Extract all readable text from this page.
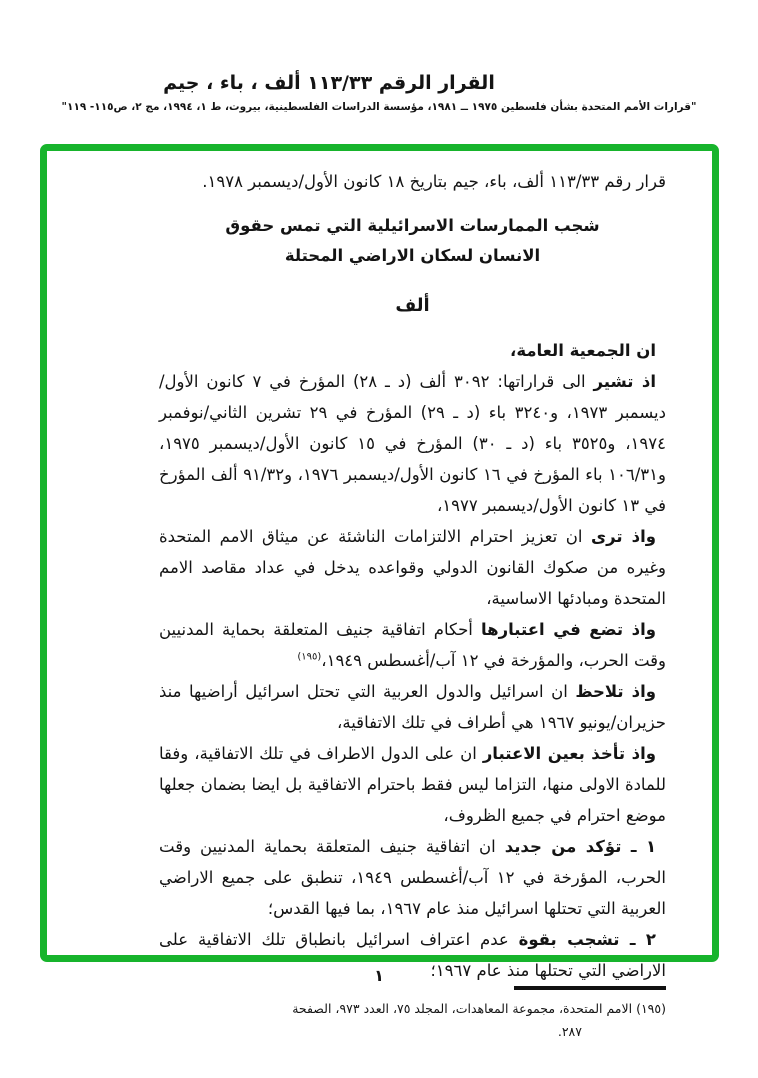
القرار الرقم ١١٣/٣٣ ألف ، باء ، جيم
"قرارات الأمم المتحدة بشأن فلسطين ١٩٧٥ ــ ١٩٨١، مؤسسة الدراسات الفلسطينية، بيروت، ط ١، ١٩٩٤، مج ٢، ص١١٥- ١١٩"

قرار رقم ١١٣/٣٣ ألف، باء، جيم بتاريخ ١٨ كانون الأول/ديسمبر ١٩٧٨.

شجب الممارسات الاسرائيلية التي تمس حقوق
الانسان لسكان الاراضي المحتلة
ألف

ان الجمعية العامة،

اذ تشير الى قراراتها: ٣٠٩٢ ألف (د ـ ٢٨) المؤرخ في ٧ كانون الأول/ديسمبر ١٩٧٣، و٣٢٤٠ باء (د ـ ٢٩) المؤرخ في ٢٩ تشرين الثاني/نوفمبر ١٩٧٤، و٣٥٢٥ باء (د ـ ٣٠) المؤرخ في ١٥ كانون الأول/ديسمبر ١٩٧٥، و١٠٦/٣١ باء المؤرخ في ١٦ كانون الأول/ديسمبر ١٩٧٦، و٩١/٣٢ ألف المؤرخ في ١٣ كانون الأول/ديسمبر ١٩٧٧،

واذ ترى ان تعزيز احترام الالتزامات الناشئة عن ميثاق الامم المتحدة وغيره من صكوك القانون الدولي وقواعده يدخل في عداد مقاصد الامم المتحدة ومبادئها الاساسية،

واذ تضع في اعتبارها أحكام اتفاقية جنيف المتعلقة بحماية المدنيين وقت الحرب، والمؤرخة في ١٢ آب/أغسطس ١٩٤٩،$^{(١٩٥)}$

واذ تلاحظ ان اسرائيل والدول العربية التي تحتل اسرائيل أراضيها منذ حزيران/يونيو ١٩٦٧ هي أطراف في تلك الاتفاقية،

واذ تأخذ بعين الاعتبار ان على الدول الاطراف في تلك الاتفاقية، وفقا للمادة الاولى منها، التزاما ليس فقط باحترام الاتفاقية بل ايضا بضمان جعلها موضع احترام في جميع الظروف،

١ ـ تؤكد من جديد ان اتفاقية جنيف المتعلقة بحماية المدنيين وقت الحرب، المؤرخة في ١٢ آب/أغسطس ١٩٤٩، تنطبق على جميع الاراضي العربية التي تحتلها اسرائيل منذ عام ١٩٦٧، بما فيها القدس؛

٢ ـ تشجب بقوة عدم اعتراف اسرائيل بانطباق تلك الاتفاقية على الاراضي التي تحتلها منذ عام ١٩٦٧؛

(١٩٥) الامم المتحدة، مجموعة المعاهدات، المجلد ٧٥، العدد ٩٧٣، الصفحة

٢٨٧.

١
